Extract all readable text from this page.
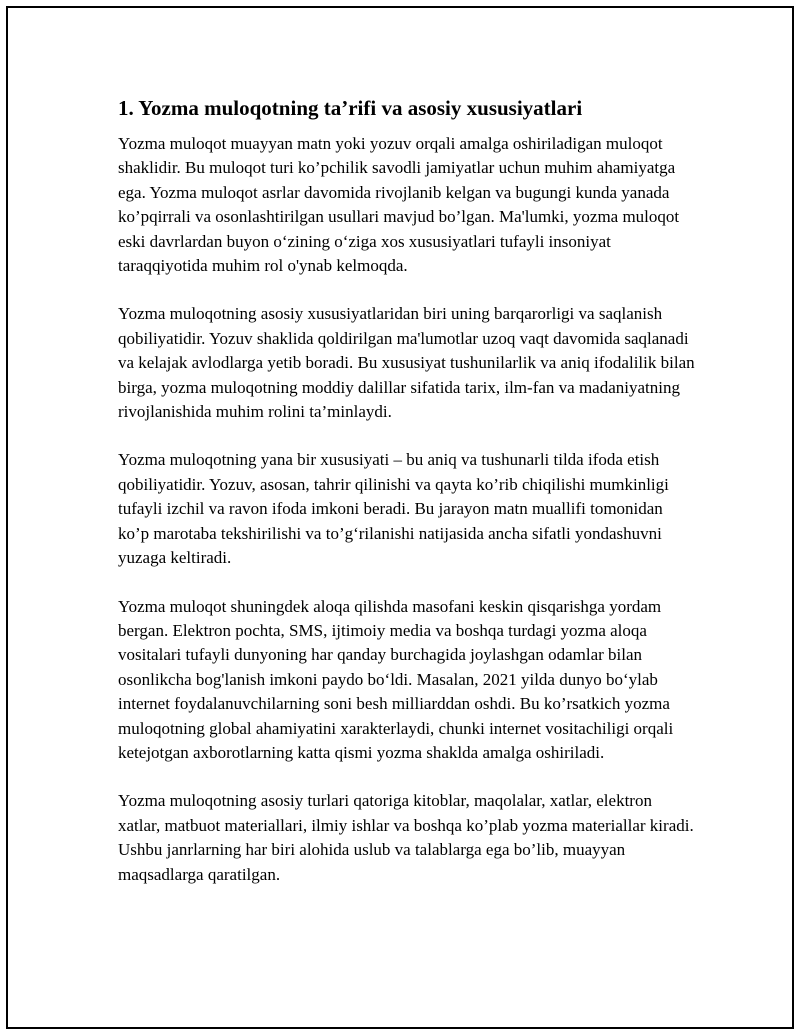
1. Yozma muloqotning ta’rifi va asosiy xususiyatlari

Yozma muloqot muayyan matn yoki yozuv orqali amalga oshiriladigan muloqot shaklidir. Bu muloqot turi ko’pchilik savodli jamiyatlar uchun muhim ahamiyatga ega. Yozma muloqot asrlar davomida rivojlanib kelgan va bugungi kunda yanada ko’pqirrali va osonlashtirilgan usullari mavjud bo’lgan. Ma'lumki, yozma muloqot eski davrlardan buyon o‘zining o‘ziga xos xususiyatlari tufayli insoniyat taraqqiyotida muhim rol o'ynab kelmoqda.

Yozma muloqotning asosiy xususiyatlaridan biri uning barqarorligi va saqlanish qobiliyatidir. Yozuv shaklida qoldirilgan ma'lumotlar uzoq vaqt davomida saqlanadi va kelajak avlodlarga yetib boradi. Bu xususiyat tushunilarlik va aniq ifodalilik bilan birga, yozma muloqotning moddiy dalillar sifatida tarix, ilm-fan va madaniyatning rivojlanishida muhim rolini ta’minlaydi.

Yozma muloqotning yana bir xususiyati – bu aniq va tushunarli tilda ifoda etish qobiliyatidir. Yozuv, asosan, tahrir qilinishi va qayta ko’rib chiqilishi mumkinligi tufayli izchil va ravon ifoda imkoni beradi. Bu jarayon matn muallifi tomonidan ko’p marotaba tekshirilishi va to’g‘rilanishi natijasida ancha sifatli yondashuvni yuzaga keltiradi.

Yozma muloqot shuningdek aloqa qilishda masofani keskin qisqarishga yordam bergan. Elektron pochta, SMS, ijtimoiy media va boshqa turdagi yozma aloqa vositalari tufayli dunyoning har qanday burchagida joylashgan odamlar bilan osonlikcha bog'lanish imkoni paydo bo‘ldi. Masalan, 2021 yilda dunyo bo‘ylab internet foydalanuvchilarning soni besh milliarddan oshdi. Bu ko’rsatkich yozma muloqotning global ahamiyatini xarakterlaydi, chunki internet vositachiligi orqali ketejotgan axborotlarning katta qismi yozma shaklda amalga oshiriladi.

Yozma muloqotning asosiy turlari qatoriga kitoblar, maqolalar, xatlar, elektron xatlar, matbuot materiallari, ilmiy ishlar va boshqa ko’plab yozma materiallar kiradi. Ushbu janrlarning har biri alohida uslub va talablarga ega bo’lib, muayyan maqsadlarga qaratilgan.
